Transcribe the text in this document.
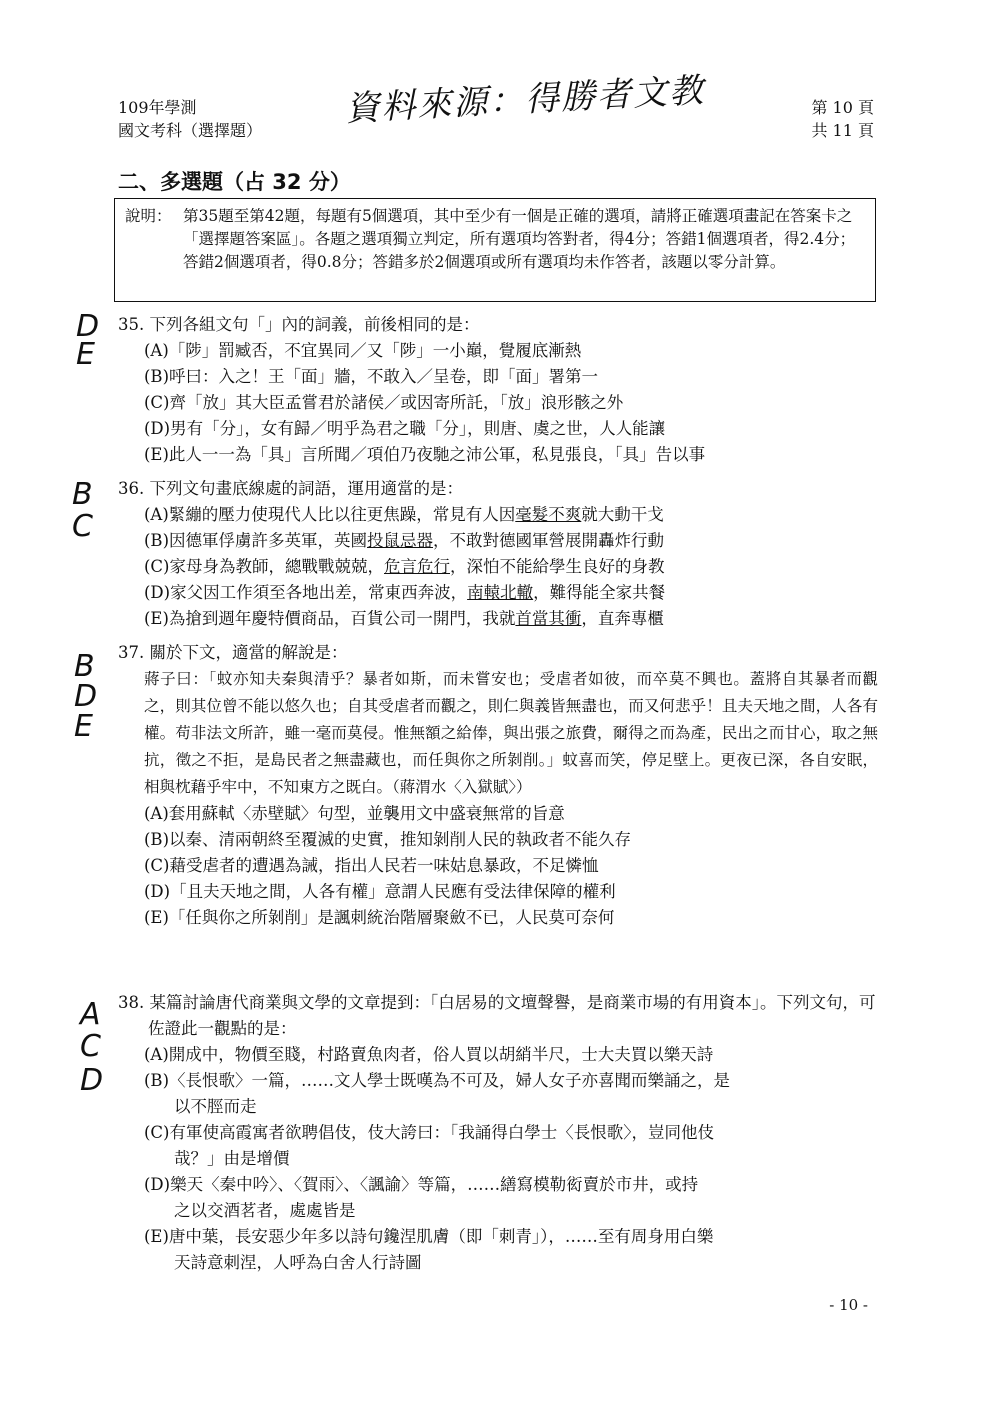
109年學測
國文考科（選擇題）
資料來源：得勝者文教	第 10 頁
共 11 頁
二、多選題（占 32 分）
說明： 第35題至第42題，每題有5個選項，其中至少有一個是正確的選項，請將正確選項畫記在答案卡之「選擇題答案區」。各題之選項獨立判定，所有選項均答對者，得4分；答錯1個選項者，得2.4分；答錯2個選項者，得0.8分；答錯多於2個選項或所有選項均未作答者，該題以零分計算。
D
E
35. 下列各組文句「」內的詞義，前後相同的是：
(A)「陟」罰臧否，不宜異同／又「陟」一小巔，覺履底漸熱
(B)呼曰：入之！王「面」牆，不敢入／呈卷，即「面」署第一
(C)齊「放」其大臣孟嘗君於諸侯／或因寄所託，「放」浪形骸之外
(D)男有「分」，女有歸／明乎為君之職「分」，則唐、虞之世，人人能讓
(E)此人一一為「具」言所聞／項伯乃夜馳之沛公軍，私見張良，「具」告以事
B
C
36. 下列文句畫底線處的詞語，運用適當的是：
(A)緊繃的壓力使現代人比以往更焦躁，常見有人因毫髮不爽就大動干戈
(B)因德軍俘虜許多英軍，英國投鼠忌器，不敢對德國軍營展開轟炸行動
(C)家母身為教師，總戰戰兢兢，危言危行，深怕不能給學生良好的身教
(D)家父因工作須至各地出差，常東西奔波，南轅北轍，難得能全家共餐
(E)為搶到週年慶特價商品，百貨公司一開門，我就首當其衝，直奔專櫃
B
D
E
37. 關於下文，適當的解說是：
蔣子曰：「蚊亦知夫秦與清乎？暴者如斯，而未嘗安也；受虐者如彼，而卒莫不興也。蓋將自其暴者而觀之，則其位曾不能以悠久也；自其受虐者而觀之，則仁與義皆無盡也，而又何悲乎！且夫天地之間，人各有權。苟非法文所許，雖一毫而莫侵。惟無額之給俸，與出張之旅費，爾得之而為產，民出之而甘心，取之無抗，徵之不拒，是島民者之無盡藏也，而任與你之所剝削。」蚊喜而笑，停足壁上。更夜已深，各自安眠，相與枕藉乎牢中，不知東方之既白。（蔣渭水〈入獄賦〉）
(A)套用蘇軾〈赤壁賦〉句型，並襲用文中盛衰無常的旨意
(B)以秦、清兩朝終至覆滅的史實，推知剝削人民的執政者不能久存
(C)藉受虐者的遭遇為誡，指出人民若一味姑息暴政，不足憐恤
(D)「且夫天地之間，人各有權」意謂人民應有受法律保障的權利
(E)「任與你之所剝削」是諷刺統治階層聚斂不已，人民莫可奈何
A
C
D
38. 某篇討論唐代商業與文學的文章提到：「白居易的文壇聲譽，是商業市場的有用資本」。下列文句，可佐證此一觀點的是：
(A)開成中，物價至賤，村路賣魚肉者，俗人買以胡綃半尺，士大夫買以樂天詩
(B)〈長恨歌〉一篇，……文人學士既嘆為不可及，婦人女子亦喜聞而樂誦之，是
以不脛而走
(C)有軍使高霞寓者欲聘倡伎，伎大誇曰：「我誦得白學士〈長恨歌〉，豈同他伎
哉？」由是增價
(D)樂天〈秦中吟〉、〈賀雨〉、〈諷諭〉等篇，……繕寫模勒衒賣於市井，或持
之以交酒茗者，處處皆是
(E)唐中葉，長安惡少年多以詩句鑱涅肌膚（即「刺青」），……至有周身用白樂
天詩意刺涅，人呼為白舍人行詩圖
- 10 -
